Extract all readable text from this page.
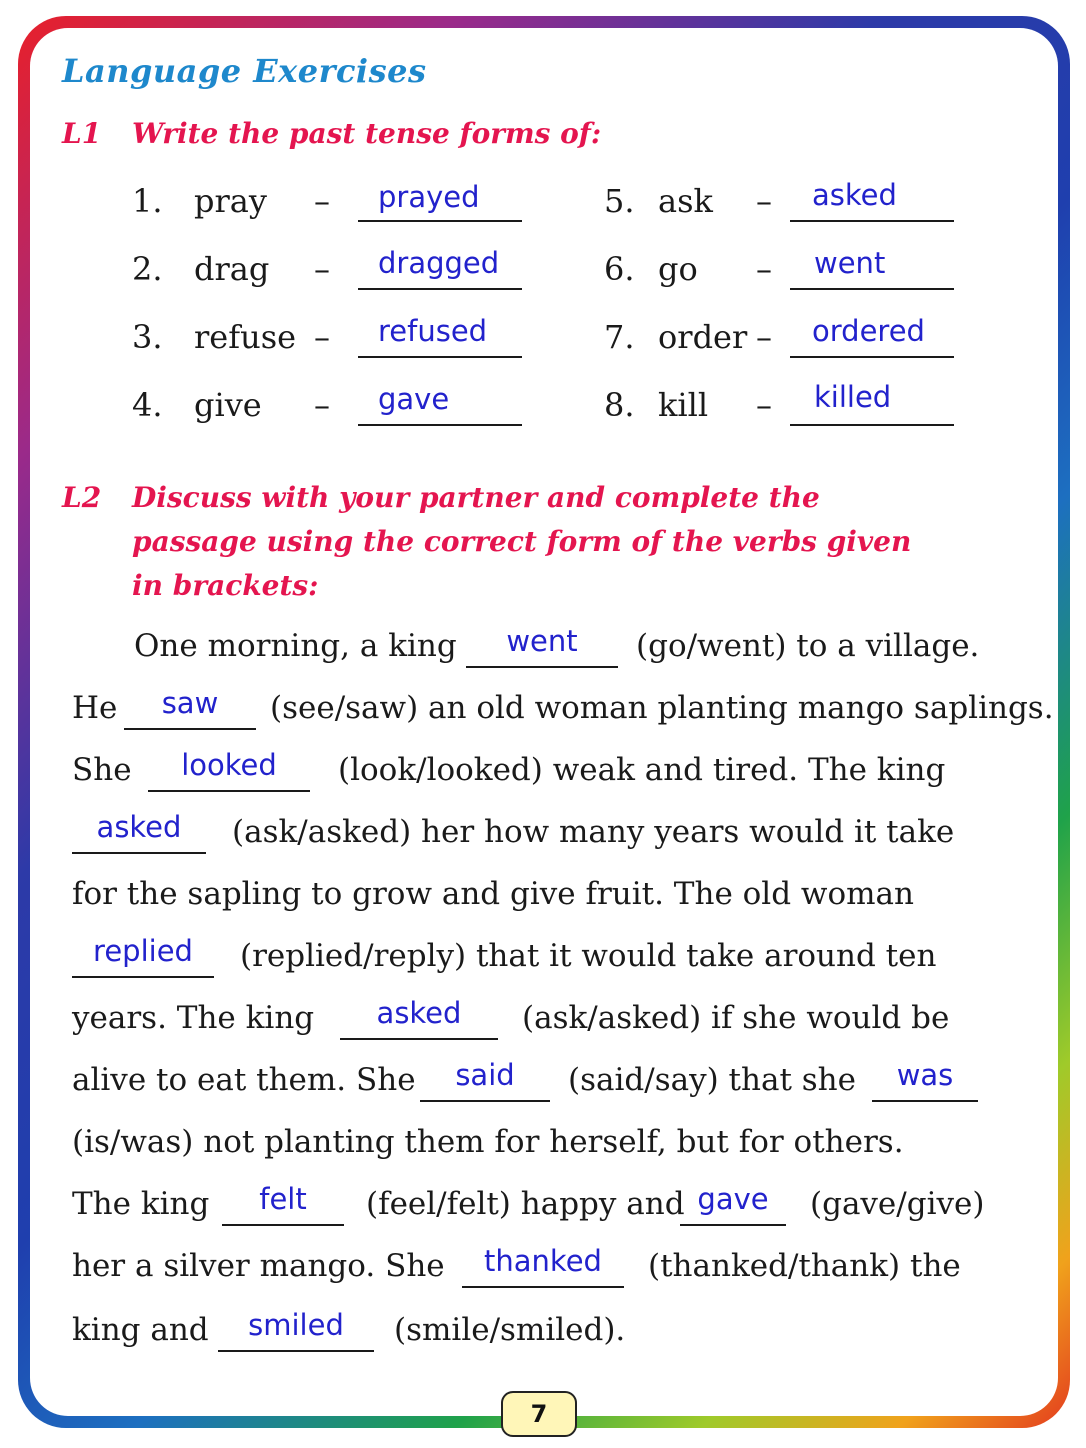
Language Exercises
L1 Write the past tense forms of:
1. pray – prayed
2. drag – dragged
3. refuse – refused
4. give – gave
5. ask – asked
6. go – went
7. order – ordered
8. kill – killed
L2 Discuss with your partner and complete the
passage using the correct form of the verbs given
in brackets:
One morning, a king	went	(go/went) to a village.
He	saw	(see/saw) an old woman planting mango saplings.
She	looked	(look/looked) weak and tired. The king
asked	(ask/asked) her how many years would it take
for the sapling to grow and give fruit. The old woman
replied	(replied/reply) that it would take around ten
years. The king	asked	(ask/asked) if she would be
alive to eat them. She	said	(said/say) that she	was
(is/was) not planting them for herself, but for others.
The king	felt	(feel/felt) happy and gave	(gave/give)
her a silver mango. She	thanked	(thanked/thank) the
king and	smiled	(smile/smiled).
7
